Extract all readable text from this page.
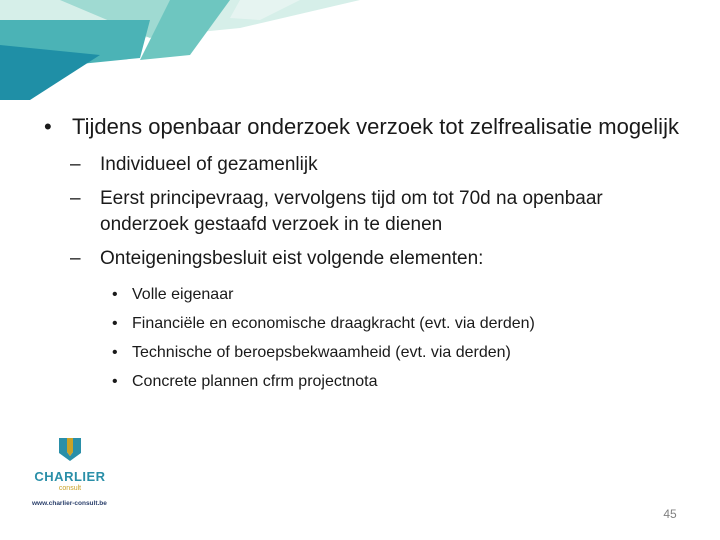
• Tijdens openbaar onderzoek verzoek tot zelfrealisatie mogelijk
– Individueel of gezamenlijk
– Eerst principevraag, vervolgens tijd om tot 70d na openbaar onderzoek gestaafd verzoek in te dienen
– Onteigeningsbesluit eist volgende elementen:
• Volle eigenaar
• Financiële en economische draagkracht (evt. via derden)
• Technische of beroepsbekwaamheid (evt. via derden)
• Concrete plannen cfrm projectnota
CHARLIER
consult
www.charlier-consult.be
45
